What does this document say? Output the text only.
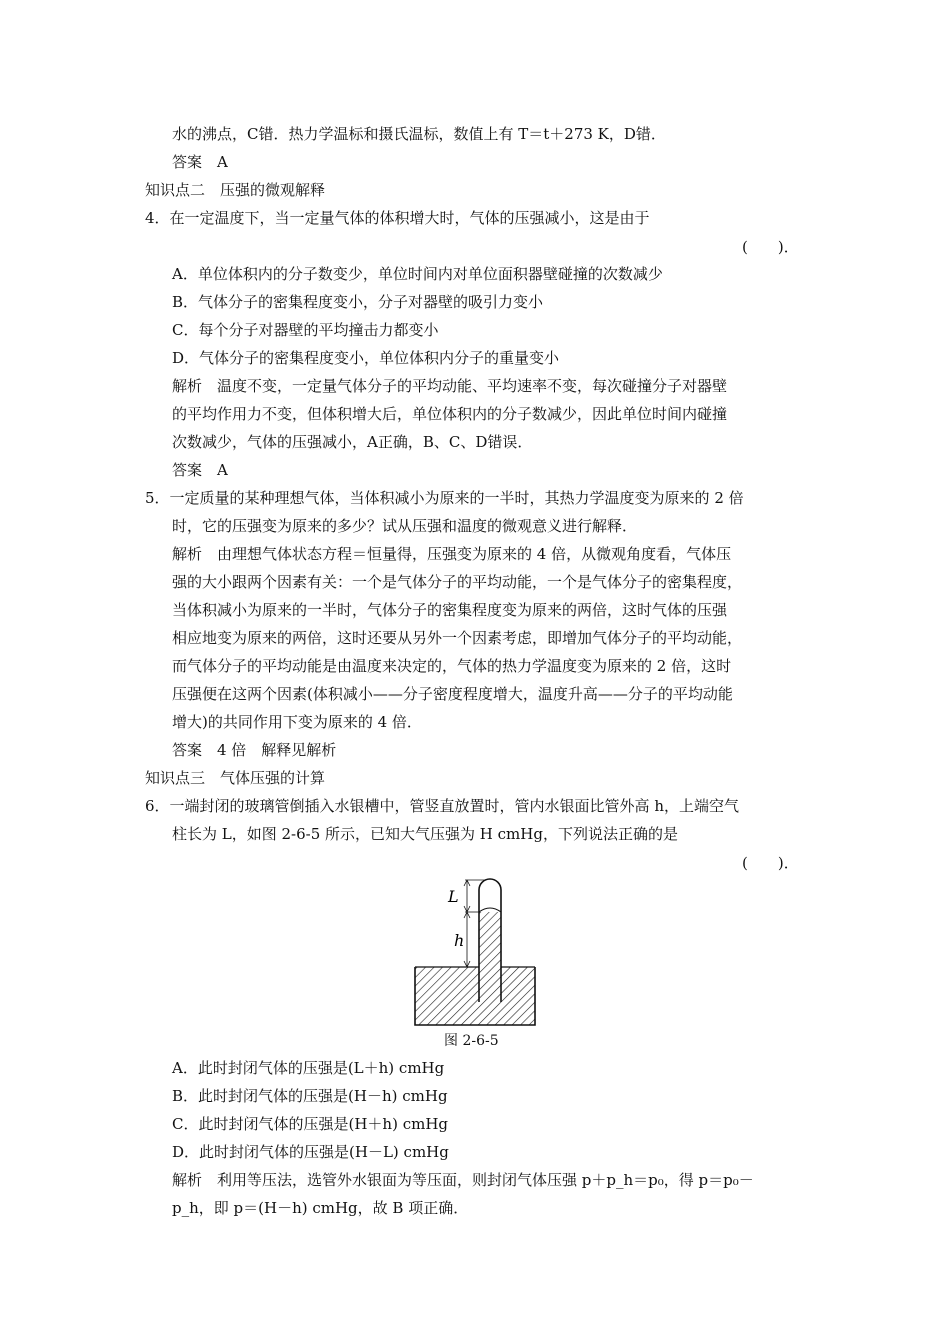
水的沸点，C错．热力学温标和摄氏温标，数值上有 T＝t＋273 K，D错．
答案　A
知识点二　压强的微观解释
4．在一定温度下，当一定量气体的体积增大时，气体的压强减小，这是由于
(　　)．
A．单位体积内的分子数变少，单位时间内对单位面积器壁碰撞的次数减少
B．气体分子的密集程度变小，分子对器壁的吸引力变小
C．每个分子对器壁的平均撞击力都变小
D．气体分子的密集程度变小，单位体积内分子的重量变小
解析　温度不变，一定量气体分子的平均动能、平均速率不变，每次碰撞分子对器壁
的平均作用力不变，但体积增大后，单位体积内的分子数减少，因此单位时间内碰撞
次数减少，气体的压强减小，A正确，B、C、D错误．
答案　A
5．一定质量的某种理想气体，当体积减小为原来的一半时，其热力学温度变为原来的 2 倍
时，它的压强变为原来的多少？试从压强和温度的微观意义进行解释．
解析　由理想气体状态方程＝恒量得，压强变为原来的 4 倍，从微观角度看，气体压
强的大小跟两个因素有关：一个是气体分子的平均动能，一个是气体分子的密集程度，
当体积减小为原来的一半时，气体分子的密集程度变为原来的两倍，这时气体的压强
相应地变为原来的两倍，这时还要从另外一个因素考虑，即增加气体分子的平均动能，
而气体分子的平均动能是由温度来决定的，气体的热力学温度变为原来的 2 倍，这时
压强便在这两个因素(体积减小——分子密度程度增大，温度升高——分子的平均动能
增大)的共同作用下变为原来的 4 倍．
答案　4 倍　解释见解析
知识点三　气体压强的计算
6．一端封闭的玻璃管倒插入水银槽中，管竖直放置时，管内水银面比管外高 h，上端空气
柱长为 L，如图 2-6-5 所示，已知大气压强为 H cmHg，下列说法正确的是
(　　)．
L
h
图 2-6-5
A．此时封闭气体的压强是(L＋h) cmHg
B．此时封闭气体的压强是(H－h) cmHg
C．此时封闭气体的压强是(H＋h) cmHg
D．此时封闭气体的压强是(H－L) cmHg
解析　利用等压法，选管外水银面为等压面，则封闭气体压强 p＋p_h＝p₀，得 p＝p₀－
p_h，即 p＝(H－h) cmHg，故 B 项正确．
